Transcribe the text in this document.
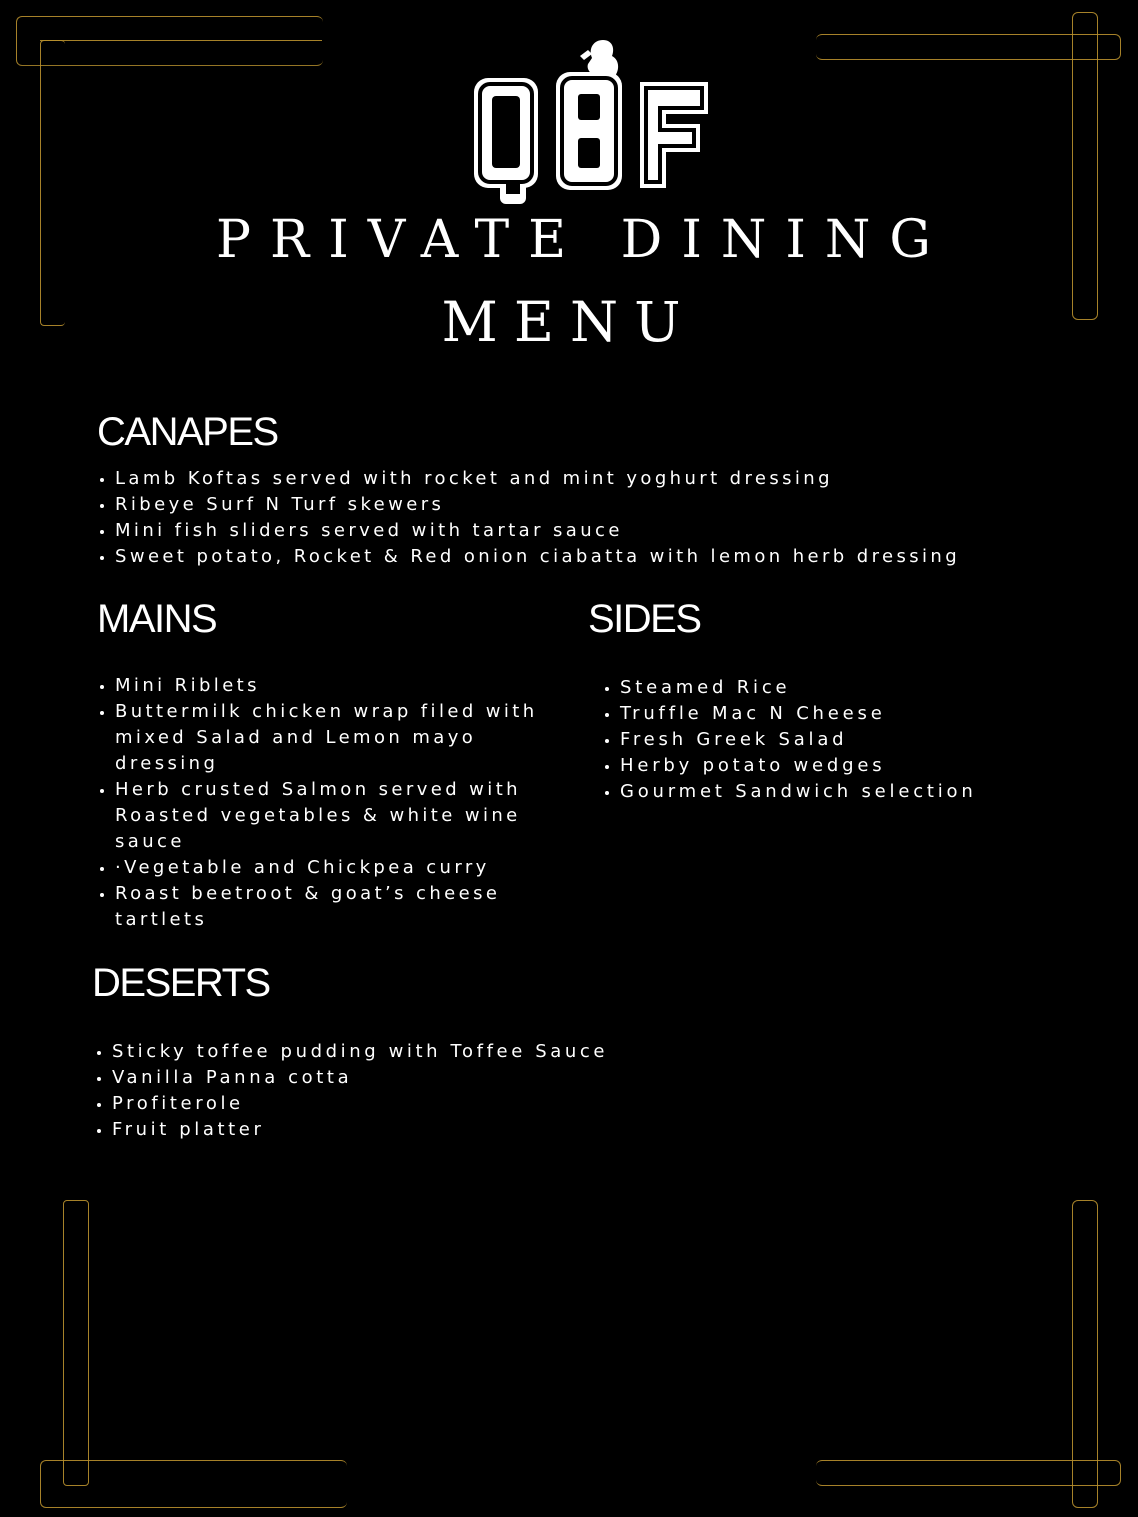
PRIVATE DINING
MENU
CANAPES
• Lamb Koftas served with rocket and mint yoghurt dressing
• Ribeye Surf N Turf skewers
• Mini fish sliders served with tartar sauce
• Sweet potato, Rocket & Red onion ciabatta with lemon herb dressing
MAINS
• Mini Riblets
• Buttermilk chicken wrap filed with mixed Salad and Lemon mayo dressing
• Herb crusted Salmon served with Roasted vegetables & white wine sauce
• ·Vegetable and Chickpea curry
• Roast beetroot & goat’s cheese tartlets
SIDES
• Steamed Rice
• Truffle Mac N Cheese
• Fresh Greek Salad
• Herby potato wedges
• Gourmet Sandwich selection
DESERTS
• Sticky toffee pudding with Toffee Sauce
• Vanilla Panna cotta
• Profiterole
• Fruit platter
